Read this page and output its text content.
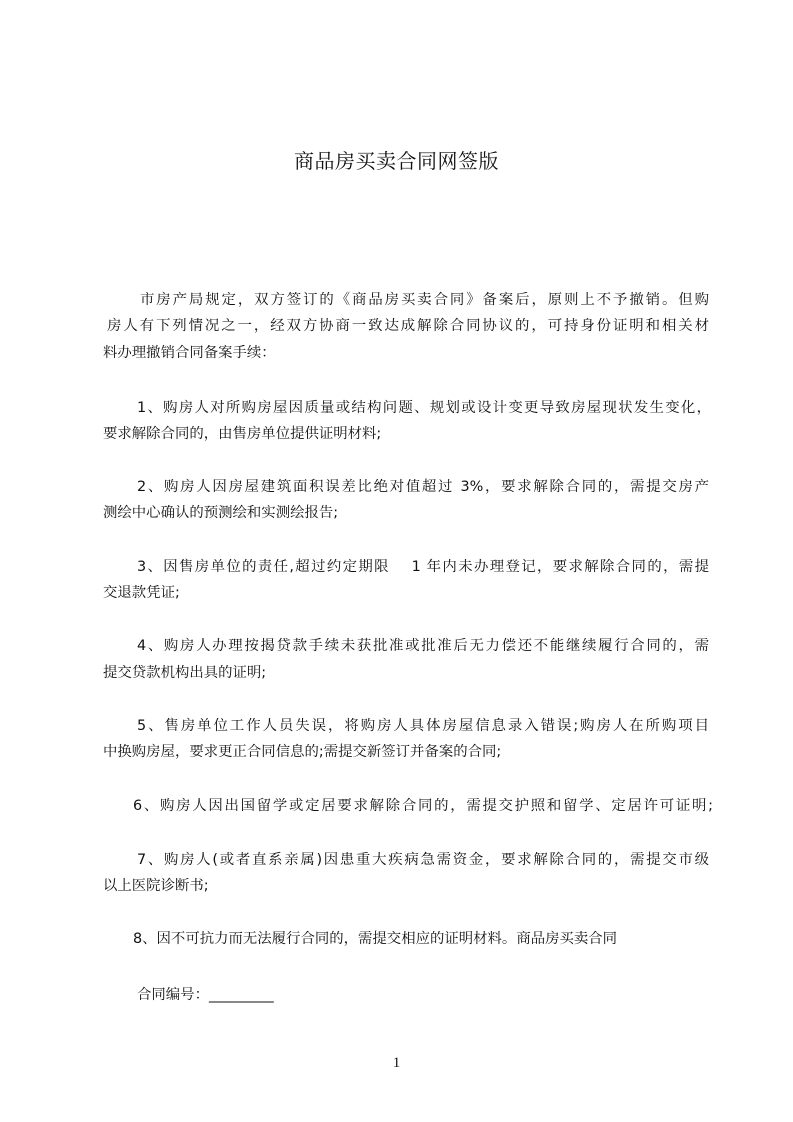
商品房买卖合同网签版
市房产局规定，双方签订的《商品房买卖合同》备案后，原则上不予撤销。但购
房人有下列情况之一，经双方协商一致达成解除合同协议的，可持身份证明和相关材
料办理撤销合同备案手续：
1、购房人对所购房屋因质量或结构问题、规划或设计变更导致房屋现状发生变化，
要求解除合同的，由售房单位提供证明材料;
2、购房人因房屋建筑面积误差比绝对值超过 3%，要求解除合同的，需提交房产
测绘中心确认的预测绘和实测绘报告;
3、因售房单位的责任,超过约定期限　 1 年内未办理登记，要求解除合同的，需提
交退款凭证;
4、购房人办理按揭贷款手续未获批准或批准后无力偿还不能继续履行合同的，需
提交贷款机构出具的证明;
5、售房单位工作人员失误，将购房人具体房屋信息录入错误;购房人在所购项目
中换购房屋，要求更正合同信息的;需提交新签订并备案的合同;
6、购房人因出国留学或定居要求解除合同的，需提交护照和留学、定居许可证明;
7、购房人(或者直系亲属)因患重大疾病急需资金，要求解除合同的，需提交市级
以上医院诊断书;
8、因不可抗力而无法履行合同的，需提交相应的证明材料。商品房买卖合同
合同编号：_________
1
